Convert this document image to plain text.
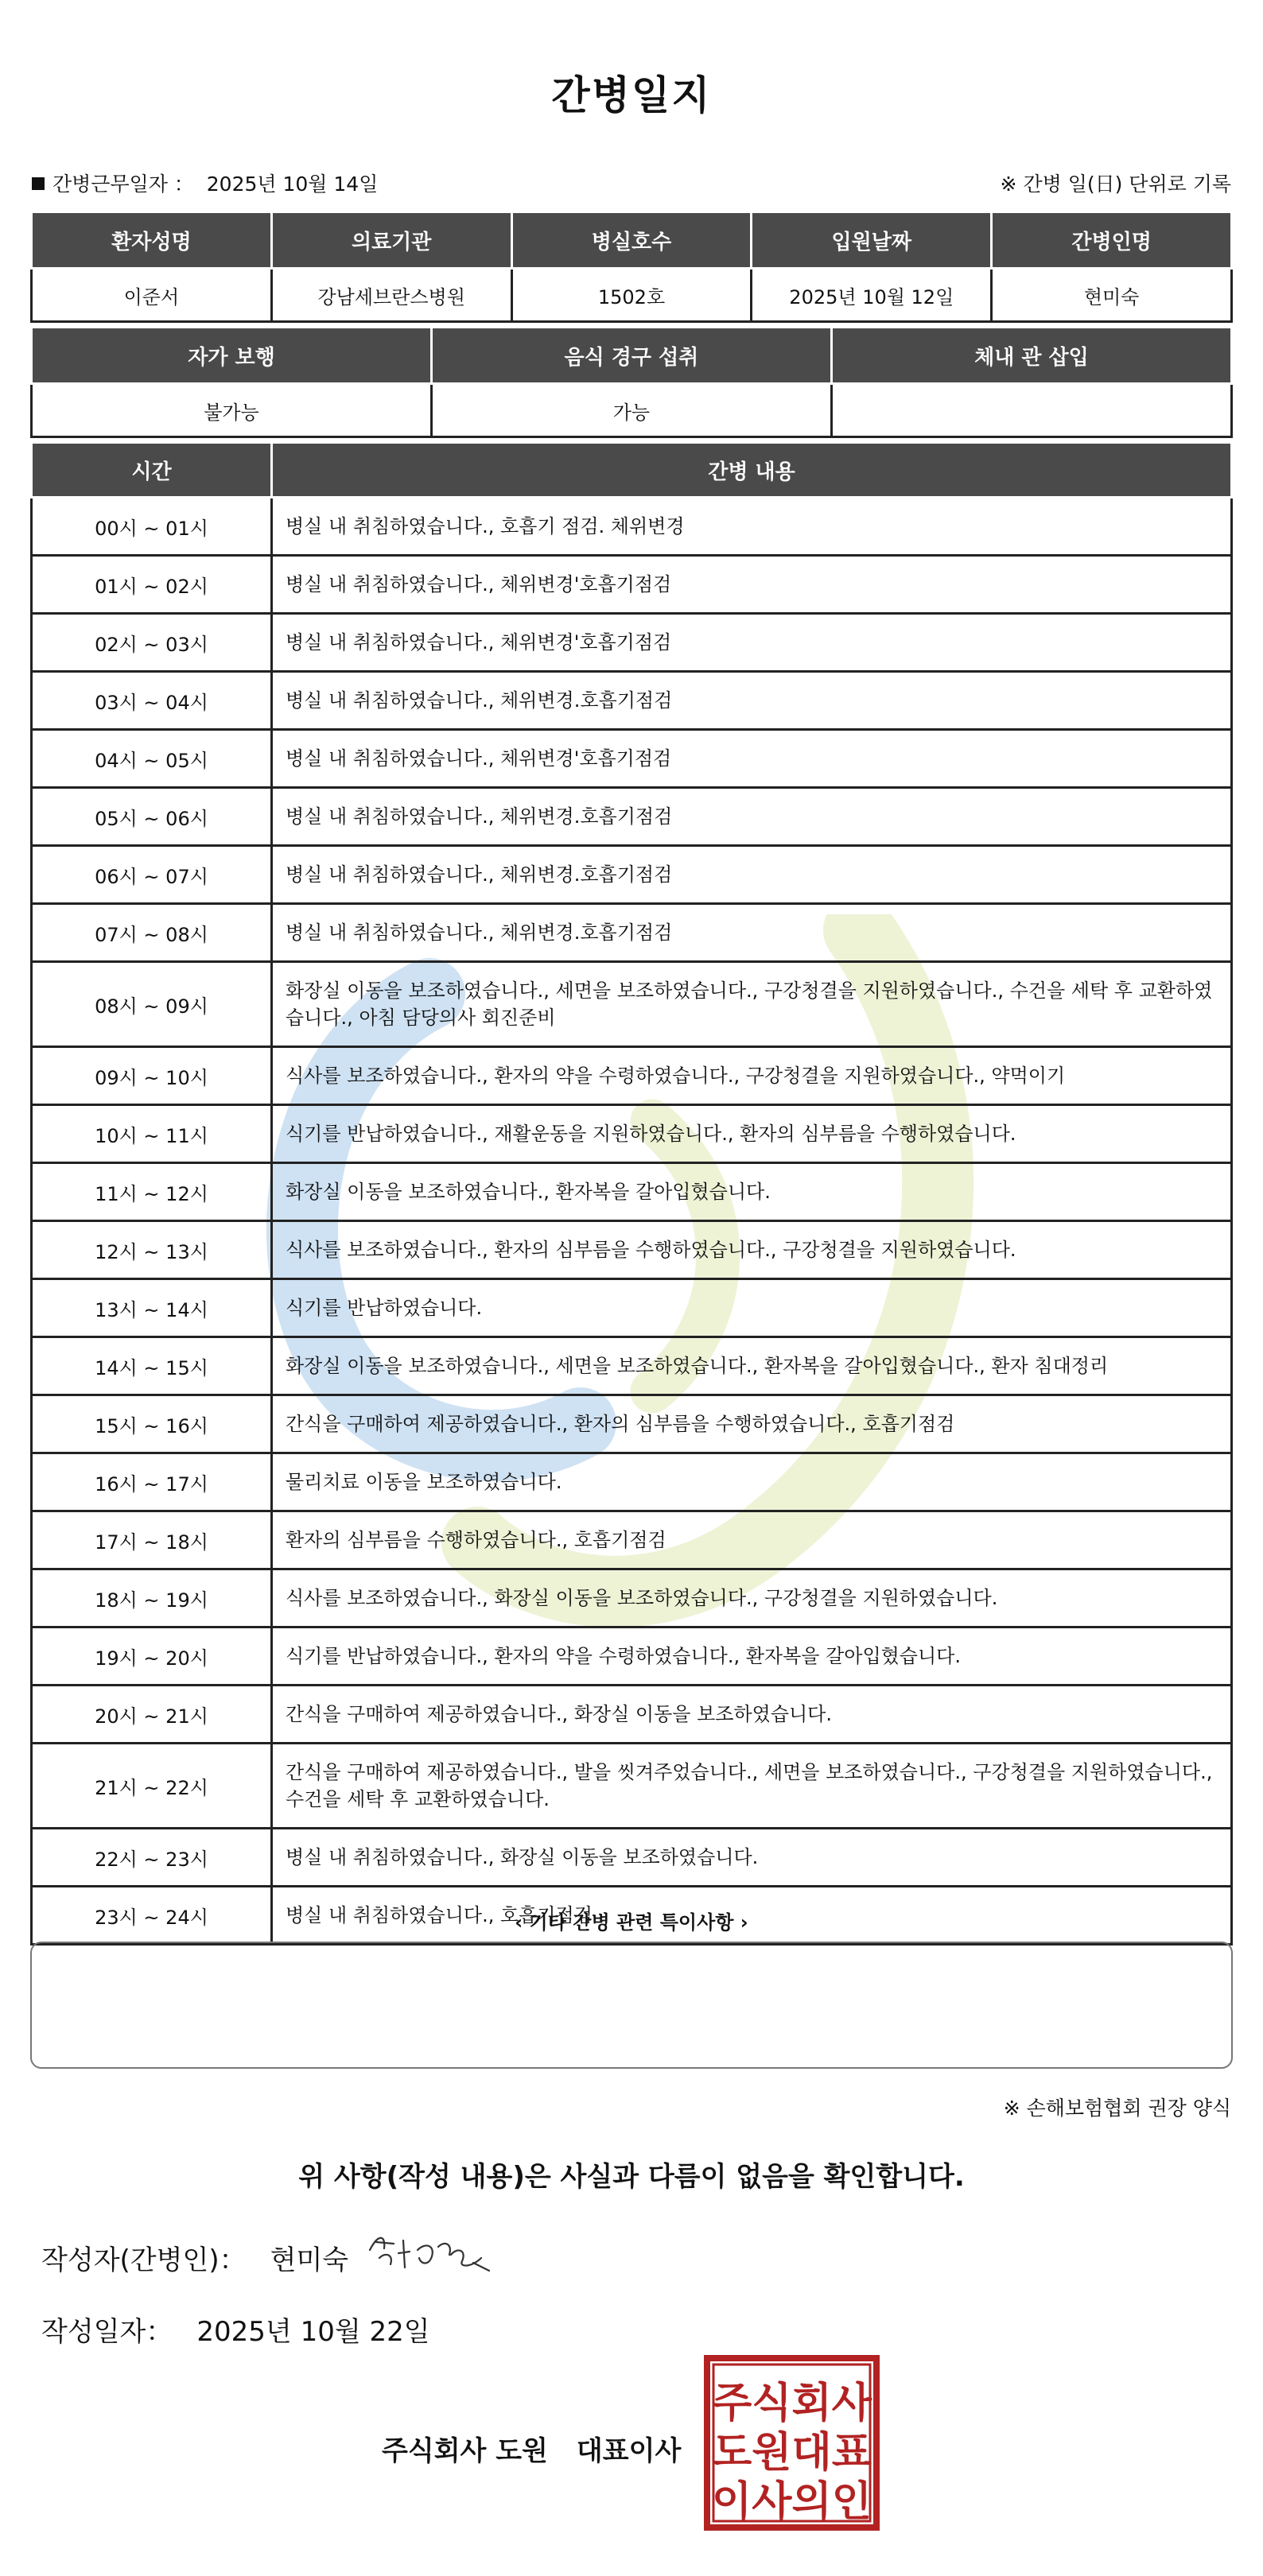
간병일지
간병근무일자 ： 2025년 10월 14일	※ 간병 일(日) 단위로 기록
환자성명	의료기관	병실호수	입원날짜	간병인명
이준서	강남세브란스병원	1502호	2025년 10월 12일	현미숙
자가 보행	음식 경구 섭취	체내 관 삽입
불가능	가능	
시간	간병 내용
00시 ~ 01시	병실 내 취침하였습니다., 호흡기 점검. 체위변경
01시 ~ 02시	병실 내 취침하였습니다., 체위변경'호흡기점검
02시 ~ 03시	병실 내 취침하였습니다., 체위변경'호흡기점검
03시 ~ 04시	병실 내 취침하였습니다., 체위변경.호흡기점검
04시 ~ 05시	병실 내 취침하였습니다., 체위변경'호흡기점검
05시 ~ 06시	병실 내 취침하였습니다., 체위변경.호흡기점검
06시 ~ 07시	병실 내 취침하였습니다., 체위변경.호흡기점검
07시 ~ 08시	병실 내 취침하였습니다., 체위변경.호흡기점검
08시 ~ 09시	화장실 이동을 보조하였습니다., 세면을 보조하였습니다., 구강청결을 지원하였습니다., 수건을 세탁 후 교환하였습니다., 아침 담당의사 회진준비
09시 ~ 10시	식사를 보조하였습니다., 환자의 약을 수령하였습니다., 구강청결을 지원하였습니다., 약먹이기
10시 ~ 11시	식기를 반납하였습니다., 재활운동을 지원하였습니다., 환자의 심부름을 수행하였습니다.
11시 ~ 12시	화장실 이동을 보조하였습니다., 환자복을 갈아입혔습니다.
12시 ~ 13시	식사를 보조하였습니다., 환자의 심부름을 수행하였습니다., 구강청결을 지원하였습니다.
13시 ~ 14시	식기를 반납하였습니다.
14시 ~ 15시	화장실 이동을 보조하였습니다., 세면을 보조하였습니다., 환자복을 갈아입혔습니다., 환자 침대정리
15시 ~ 16시	간식을 구매하여 제공하였습니다., 환자의 심부름을 수행하였습니다., 호흡기점검
16시 ~ 17시	물리치료 이동을 보조하였습니다.
17시 ~ 18시	환자의 심부름을 수행하였습니다., 호흡기점검
18시 ~ 19시	식사를 보조하였습니다., 화장실 이동을 보조하였습니다., 구강청결을 지원하였습니다.
19시 ~ 20시	식기를 반납하였습니다., 환자의 약을 수령하였습니다., 환자복을 갈아입혔습니다.
20시 ~ 21시	간식을 구매하여 제공하였습니다., 화장실 이동을 보조하였습니다.
21시 ~ 22시	간식을 구매하여 제공하였습니다., 발을 씻겨주었습니다., 세면을 보조하였습니다., 구강청결을 지원하였습니다., 수건을 세탁 후 교환하였습니다.
22시 ~ 23시	병실 내 취침하였습니다., 화장실 이동을 보조하였습니다.
23시 ~ 24시	병실 내 취침하였습니다., 호흡기점검
‹ 기타 간병 관련 특이사항 ›
※ 손해보험협회 권장 양식
위 사항(작성 내용)은 사실과 다름이 없음을 확인합니다.
작성자(간병인)： 현미숙
작성일자： 2025년 10월 22일
주식회사 도원 대표이사
주식회사
도원대표
이사의인
